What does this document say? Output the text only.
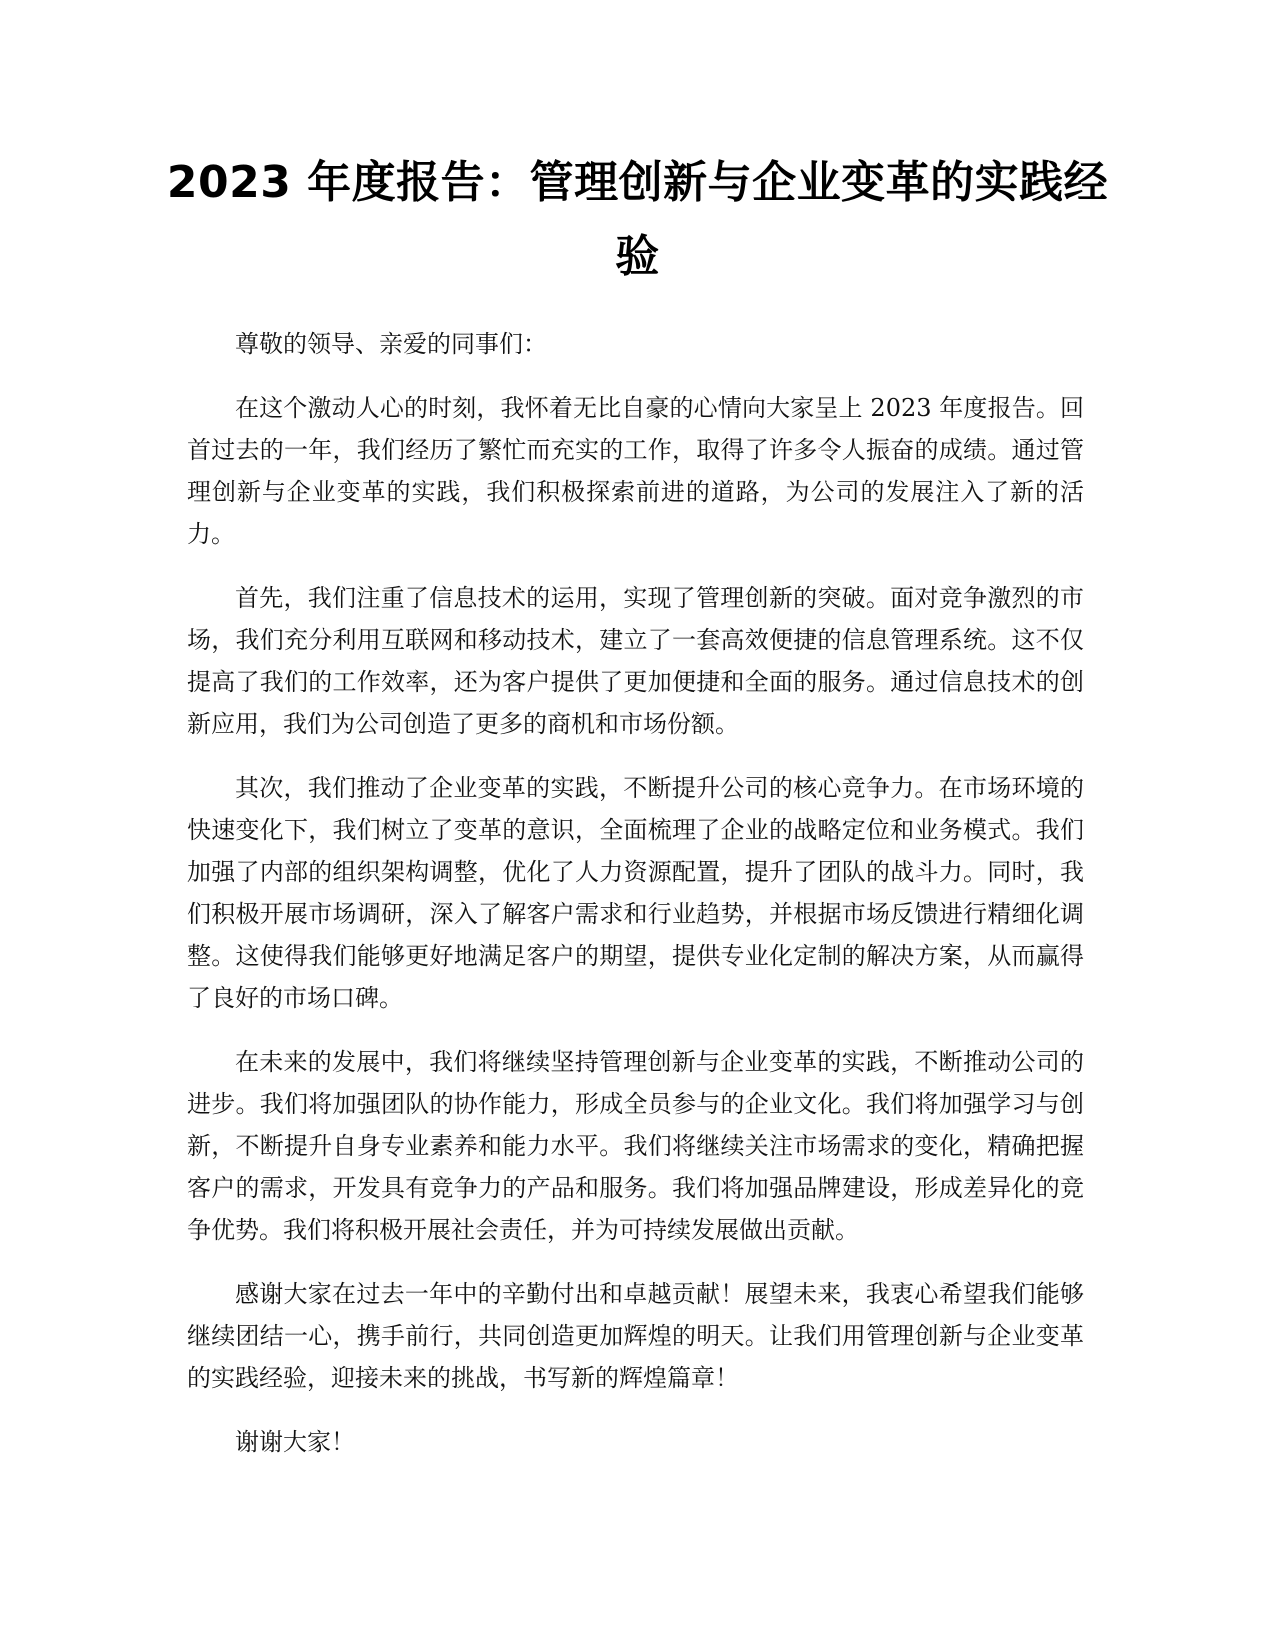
2023 年度报告：管理创新与企业变革的实践经验

尊敬的领导、亲爱的同事们：

在这个激动人心的时刻，我怀着无比自豪的心情向大家呈上 2023 年度报告。回首过去的一年，我们经历了繁忙而充实的工作，取得了许多令人振奋的成绩。通过管理创新与企业变革的实践，我们积极探索前进的道路，为公司的发展注入了新的活力。

首先，我们注重了信息技术的运用，实现了管理创新的突破。面对竞争激烈的市场，我们充分利用互联网和移动技术，建立了一套高效便捷的信息管理系统。这不仅提高了我们的工作效率，还为客户提供了更加便捷和全面的服务。通过信息技术的创新应用，我们为公司创造了更多的商机和市场份额。

其次，我们推动了企业变革的实践，不断提升公司的核心竞争力。在市场环境的快速变化下，我们树立了变革的意识，全面梳理了企业的战略定位和业务模式。我们加强了内部的组织架构调整，优化了人力资源配置，提升了团队的战斗力。同时，我们积极开展市场调研，深入了解客户需求和行业趋势，并根据市场反馈进行精细化调整。这使得我们能够更好地满足客户的期望，提供专业化定制的解决方案，从而赢得了良好的市场口碑。

在未来的发展中，我们将继续坚持管理创新与企业变革的实践，不断推动公司的进步。我们将加强团队的协作能力，形成全员参与的企业文化。我们将加强学习与创新，不断提升自身专业素养和能力水平。我们将继续关注市场需求的变化，精确把握客户的需求，开发具有竞争力的产品和服务。我们将加强品牌建设，形成差异化的竞争优势。我们将积极开展社会责任，并为可持续发展做出贡献。

感谢大家在过去一年中的辛勤付出和卓越贡献！展望未来，我衷心希望我们能够继续团结一心，携手前行，共同创造更加辉煌的明天。让我们用管理创新与企业变革的实践经验，迎接未来的挑战，书写新的辉煌篇章！

谢谢大家！
